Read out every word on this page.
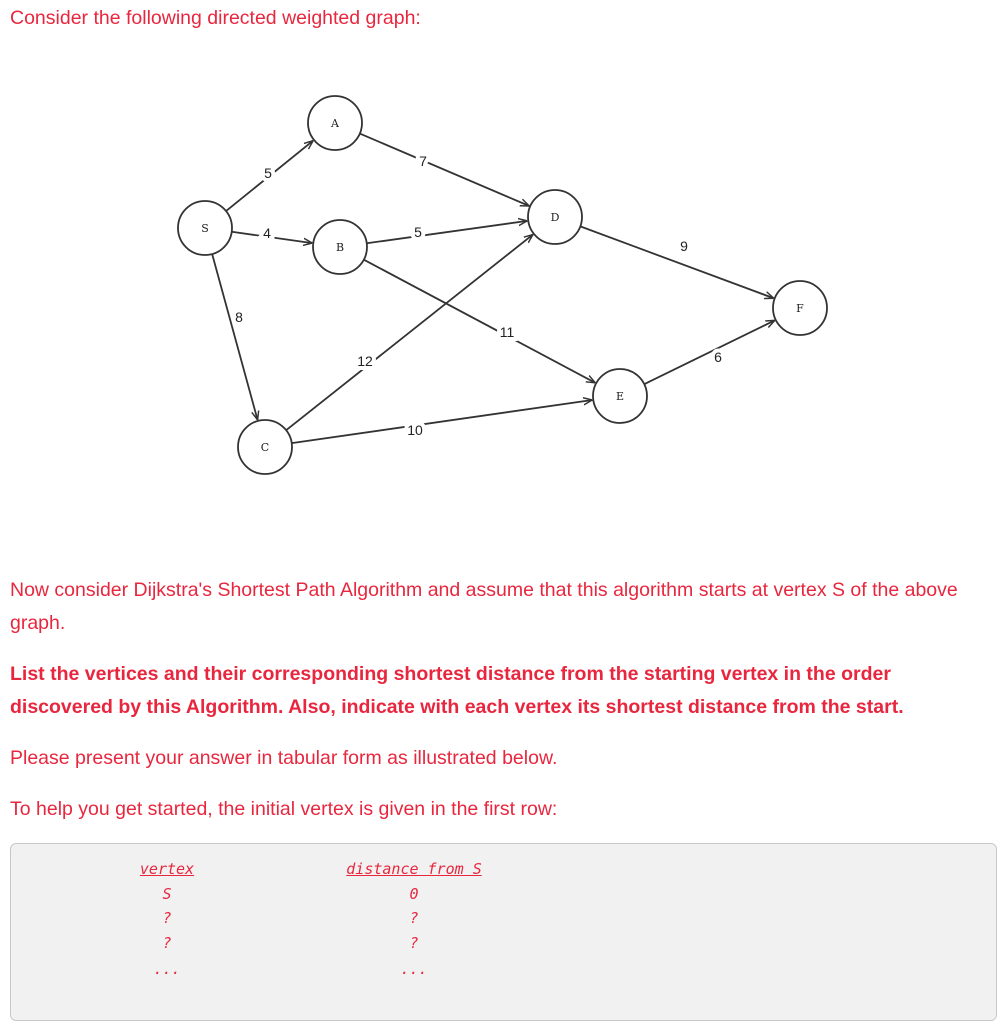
Consider the following directed weighted graph:

5
4
8
7
5
11
12
10
9
6
S
A
B
D
F
E
C

Now consider Dijkstra's Shortest Path Algorithm and assume that this algorithm starts at vertex S of the above graph.

List the vertices and their corresponding shortest distance from the starting vertex in the order discovered by this Algorithm. Also, indicate with each vertex its shortest distance from the start.

Please present your answer in tabular form as illustrated below.

To help you get started, the initial vertex is given in the first row:

vertex	distance from S
S	0
?	?
?	?
...	...
